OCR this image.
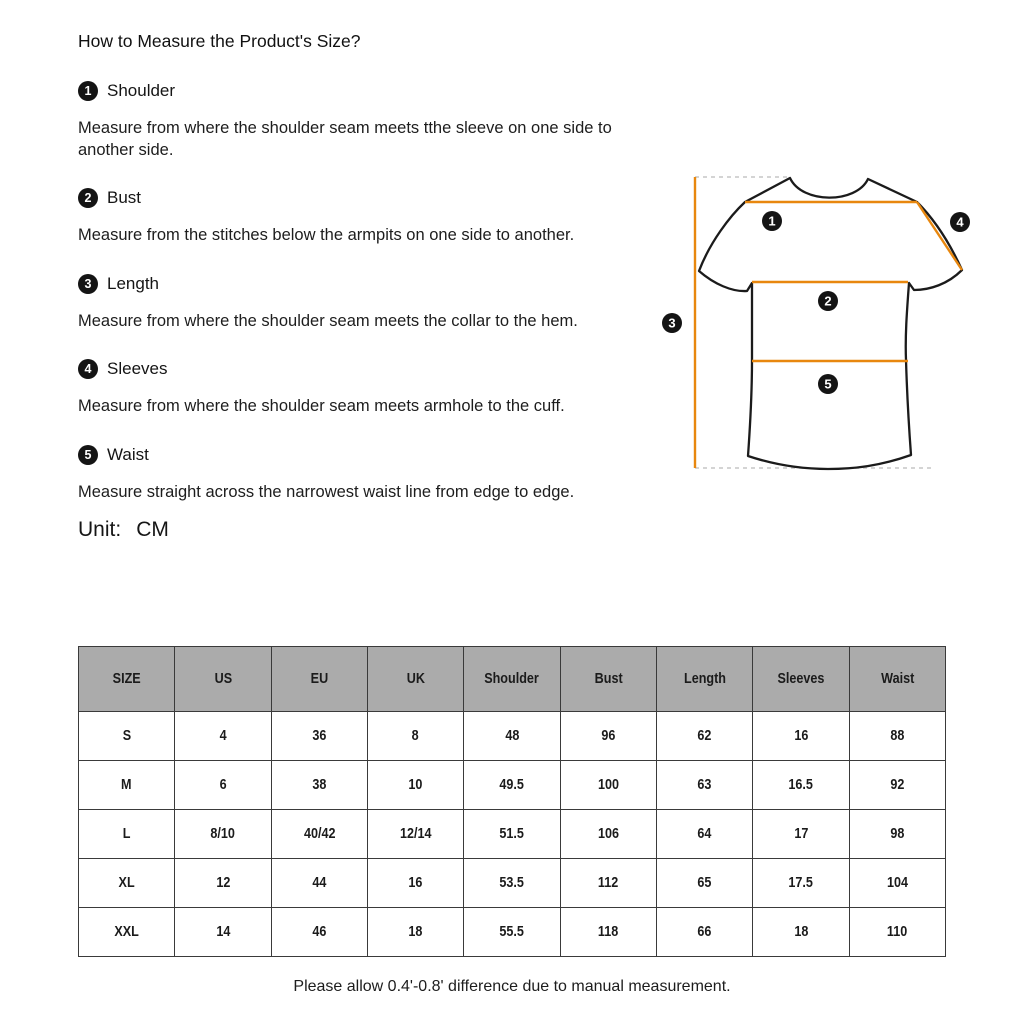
How to Measure the Product's Size?
1 Shoulder

Measure from where the shoulder seam meets tthe sleeve on one side to another side.

2 Bust

Measure from the stitches below the armpits on one side to another.

3 Length

Measure from where the shoulder seam meets the collar to the hem.

4 Sleeves

Measure from where the shoulder seam meets armhole to the cuff.

5 Waist

Measure straight across the narrowest waist line from edge to edge.

Unit: CM
1
2
3
4
5
SIZE	US	EU	UK	Shoulder	Bust	Length	Sleeves	Waist
S	4	36	8	48	96	62	16	88
M	6	38	10	49.5	100	63	16.5	92
L	8/10	40/42	12/14	51.5	106	64	17	98
XL	12	44	16	53.5	112	65	17.5	104
XXL	14	46	18	55.5	118	66	18	110

Please allow 0.4'-0.8' difference due to manual measurement.
